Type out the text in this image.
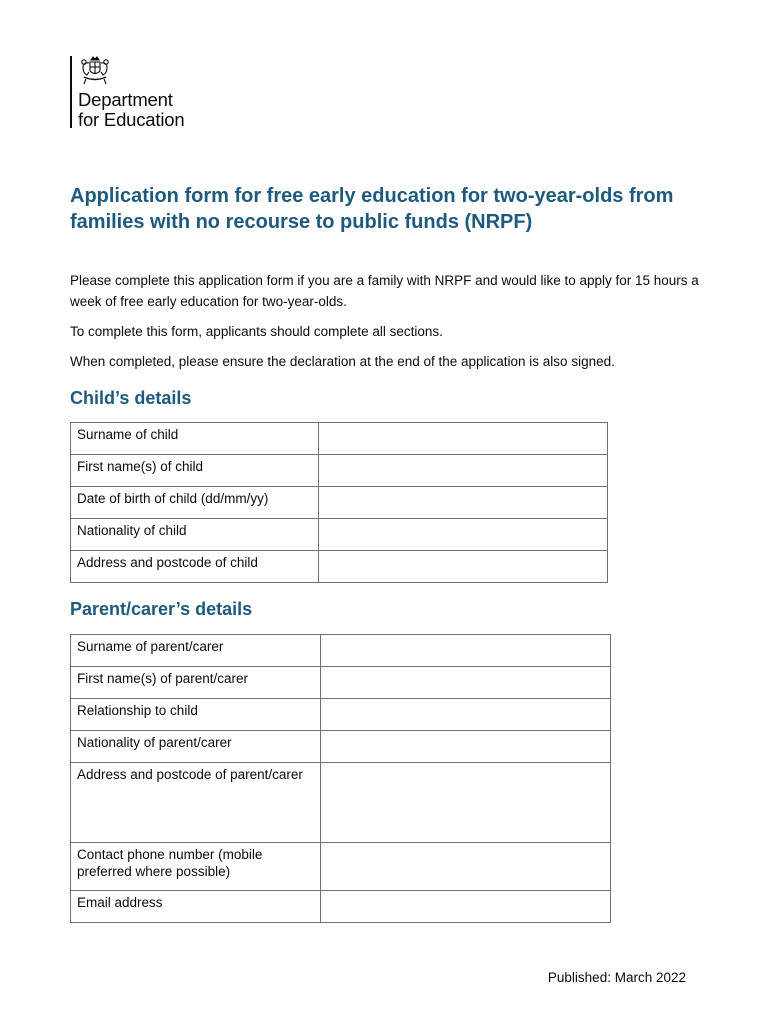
Department
for Education
Application form for free early education for two-year-olds from families with no recourse to public funds (NRPF)

Please complete this application form if you are a family with NRPF and would like to apply for 15 hours a week of free early education for two-year-olds.

To complete this form, applicants should complete all sections.

When completed, please ensure the declaration at the end of the application is also signed.

Child’s details
Surname of child	
First name(s) of child	
Date of birth of child (dd/mm/yy)	
Nationality of child	
Address and postcode of child	
Parent/carer’s details
Surname of parent/carer	
First name(s) of parent/carer	
Relationship to child	
Nationality of parent/carer	
Address and postcode of parent/carer	
Contact phone number (mobile preferred where possible)	
Email address	
Published: March 2022
